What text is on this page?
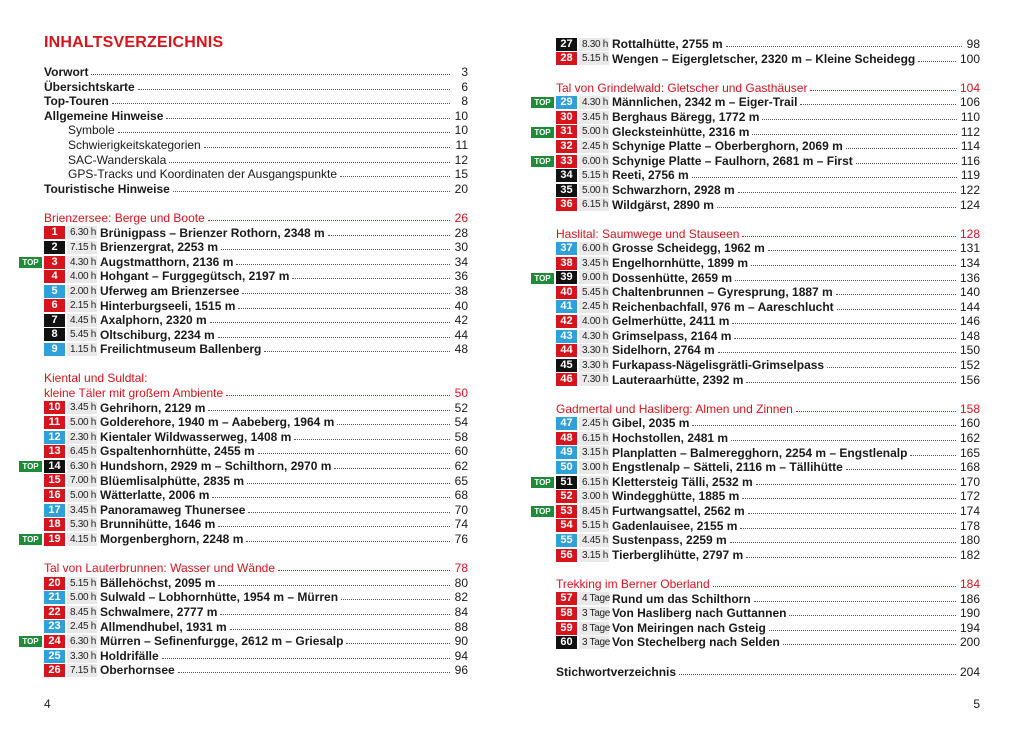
INHALTSVERZEICHNIS
Vorwort	3
Übersichtskarte	6
Top-Touren	8
Allgemeine Hinweise	10
Symbole	10
Schwierigkeitskategorien	11
SAC-Wanderskala	12
GPS-Tracks und Koordinaten der Ausgangspunkte	15
Touristische Hinweise	20
Brienzersee: Berge und Boote	26
1	6.30 h Brünigpass – Brienzer Rothorn, 2348 m	28
2	7.15 h Brienzergrat, 2253 m	30
TOP	3	4.30 h Augstmatthorn, 2136 m	34
4	4.00 h Hohgant – Furggegütsch, 2197 m	36
5	2.00 h Uferweg am Brienzersee	38
6	2.15 h Hinterburgseeli, 1515 m	40
7	4.45 h Axalphorn, 2320 m	42
8	5.45 h Oltschiburg, 2234 m	44
9	1.15 h Freilichtmuseum Ballenberg	48
Kiental und Suldtal:
kleine Täler mit großem Ambiente	50
10 3.45 h Gehrihorn, 2129 m	52
11 5.00 h Golderehore, 1940 m – Aabeberg, 1964 m	54
12 2.30 h Kientaler Wildwasserweg, 1408 m	58
13 6.45 h Gspaltenhornhütte, 2455 m	60
TOP 14 6.30 h Hundshorn, 2929 m – Schilthorn, 2970 m	62
15 7.00 h Blüemlisalphütte, 2835 m	65
16 5.00 h Wätterlatte, 2006 m	68
17 3.45 h Panoramaweg Thunersee	70
18 5.30 h Brunnihütte, 1646 m	74
TOP 19 4.15 h Morgenberghorn, 2248 m	76
Tal von Lauterbrunnen: Wasser und Wände	78
20 5.15 h Bällehöchst, 2095 m	80
21 5.00 h Sulwald – Lobhornhütte, 1954 m – Mürren	82
22 8.45 h Schwalmere, 2777 m	84
23 2.45 h Allmendhubel, 1931 m	88
TOP 24 6.30 h Mürren – Sefinenfurgge, 2612 m – Griesalp	90
25 3.30 h Holdrifälle	94
26 7.15 h Oberhornsee	96
4
27 8.30 h Rottalhütte, 2755 m	98
28 5.15 h Wengen – Eigergletscher, 2320 m – Kleine Scheidegg	100
Tal von Grindelwald: Gletscher und Gasthäuser	104
TOP 29 4.30 h Männlichen, 2342 m – Eiger-Trail	106
30 3.45 h Berghaus Bäregg, 1772 m	110
TOP 31 5.00 h Glecksteinhütte, 2316 m	112
32 2.45 h Schynige Platte – Oberberghorn, 2069 m	114
TOP 33 6.00 h Schynige Platte – Faulhorn, 2681 m – First	116
34 5.15 h Reeti, 2756 m	119
35 5.00 h Schwarzhorn, 2928 m	122
36 6.15 h Wildgärst, 2890 m	124
Haslital: Saumwege und Stauseen	128
37 6.00 h Grosse Scheidegg, 1962 m	131
38 3.45 h Engelhornhütte, 1899 m	134
TOP 39 9.00 h Dossenhütte, 2659 m	136
40 5.45 h Chaltenbrunnen – Gyresprung, 1887 m	140
41 2.45 h Reichenbachfall, 976 m – Aareschlucht	144
42 4.00 h Gelmerhütte, 2411 m	146
43 4.30 h Grimselpass, 2164 m	148
44 3.30 h Sidelhorn, 2764 m	150
45 3.30 h Furkapass-Nägelisgrätli-Grimselpass	152
46 7.30 h Lauteraarhütte, 2392 m	156
Gadmertal und Hasliberg: Almen und Zinnen	158
47 2.45 h Gibel, 2035 m	160
48 6.15 h Hochstollen, 2481 m	162
49 3.15 h Planplatten – Balmeregghorn, 2254 m – Engstlenalp	165
50 3.00 h Engstlenalp – Sätteli, 2116 m – Tällihütte	168
TOP 51 6.15 h Klettersteig Tälli, 2532 m	170
52 3.00 h Windegghütte, 1885 m	172
TOP 53 8.45 h Furtwangsattel, 2562 m	174
54 5.15 h Gadenlauisee, 2155 m	178
55 4.45 h Sustenpass, 2259 m	180
56 3.15 h Tierberglihütte, 2797 m	182
Trekking im Berner Oberland	184
57 4 Tage Rund um das Schilthorn	186
58 3 Tage Von Hasliberg nach Guttannen	190
59 8 Tage Von Meiringen nach Gsteig	194
60 3 Tage Von Stechelberg nach Selden	200
Stichwortverzeichnis	204
5
